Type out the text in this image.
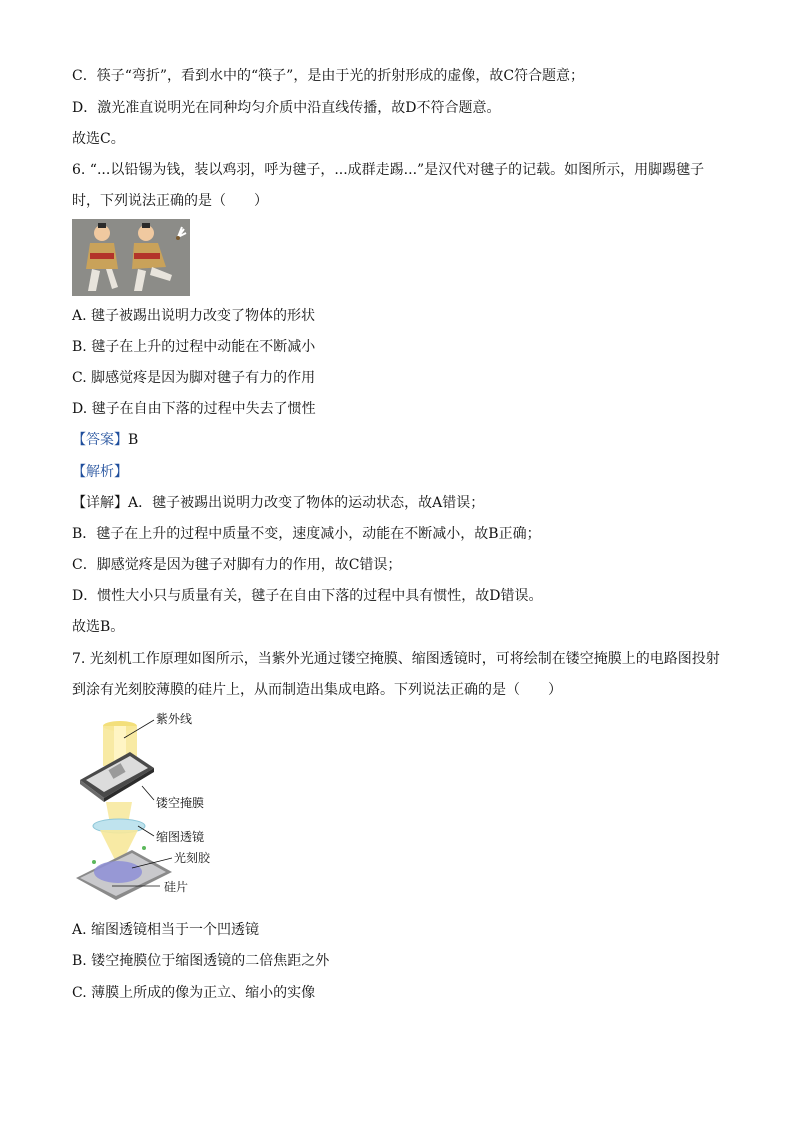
C．筷子“弯折”，看到水中的“筷子”，是由于光的折射形成的虚像，故C符合题意；
D．激光准直说明光在同种均匀介质中沿直线传播，故D不符合题意。
故选C。
6. “...以铅锡为钱，装以鸡羽，呼为毽子，...成群走踢...”是汉代对毽子的记载。如图所示，用脚踢毽子
时，下列说法正确的是（　　）
A. 毽子被踢出说明力改变了物体的形状
B. 毽子在上升的过程中动能在不断减小
C. 脚感觉疼是因为脚对毽子有力的作用
D. 毽子在自由下落的过程中失去了惯性
【答案】B
【解析】
【详解】A．毽子被踢出说明力改变了物体的运动状态，故A错误；
B．毽子在上升的过程中质量不变，速度减小，动能在不断减小，故B正确；
C．脚感觉疼是因为毽子对脚有力的作用，故C错误；
D．惯性大小只与质量有关，毽子在自由下落的过程中具有惯性，故D错误。
故选B。
7. 光刻机工作原理如图所示，当紫外光通过镂空掩膜、缩图透镜时，可将绘制在镂空掩膜上的电路图投射
到涂有光刻胶薄膜的硅片上，从而制造出集成电路。下列说法正确的是（　　）
紫外线
镂空掩膜
缩图透镜
光刻胶
硅片
A. 缩图透镜相当于一个凹透镜
B. 镂空掩膜位于缩图透镜的二倍焦距之外
C. 薄膜上所成的像为正立、缩小的实像
